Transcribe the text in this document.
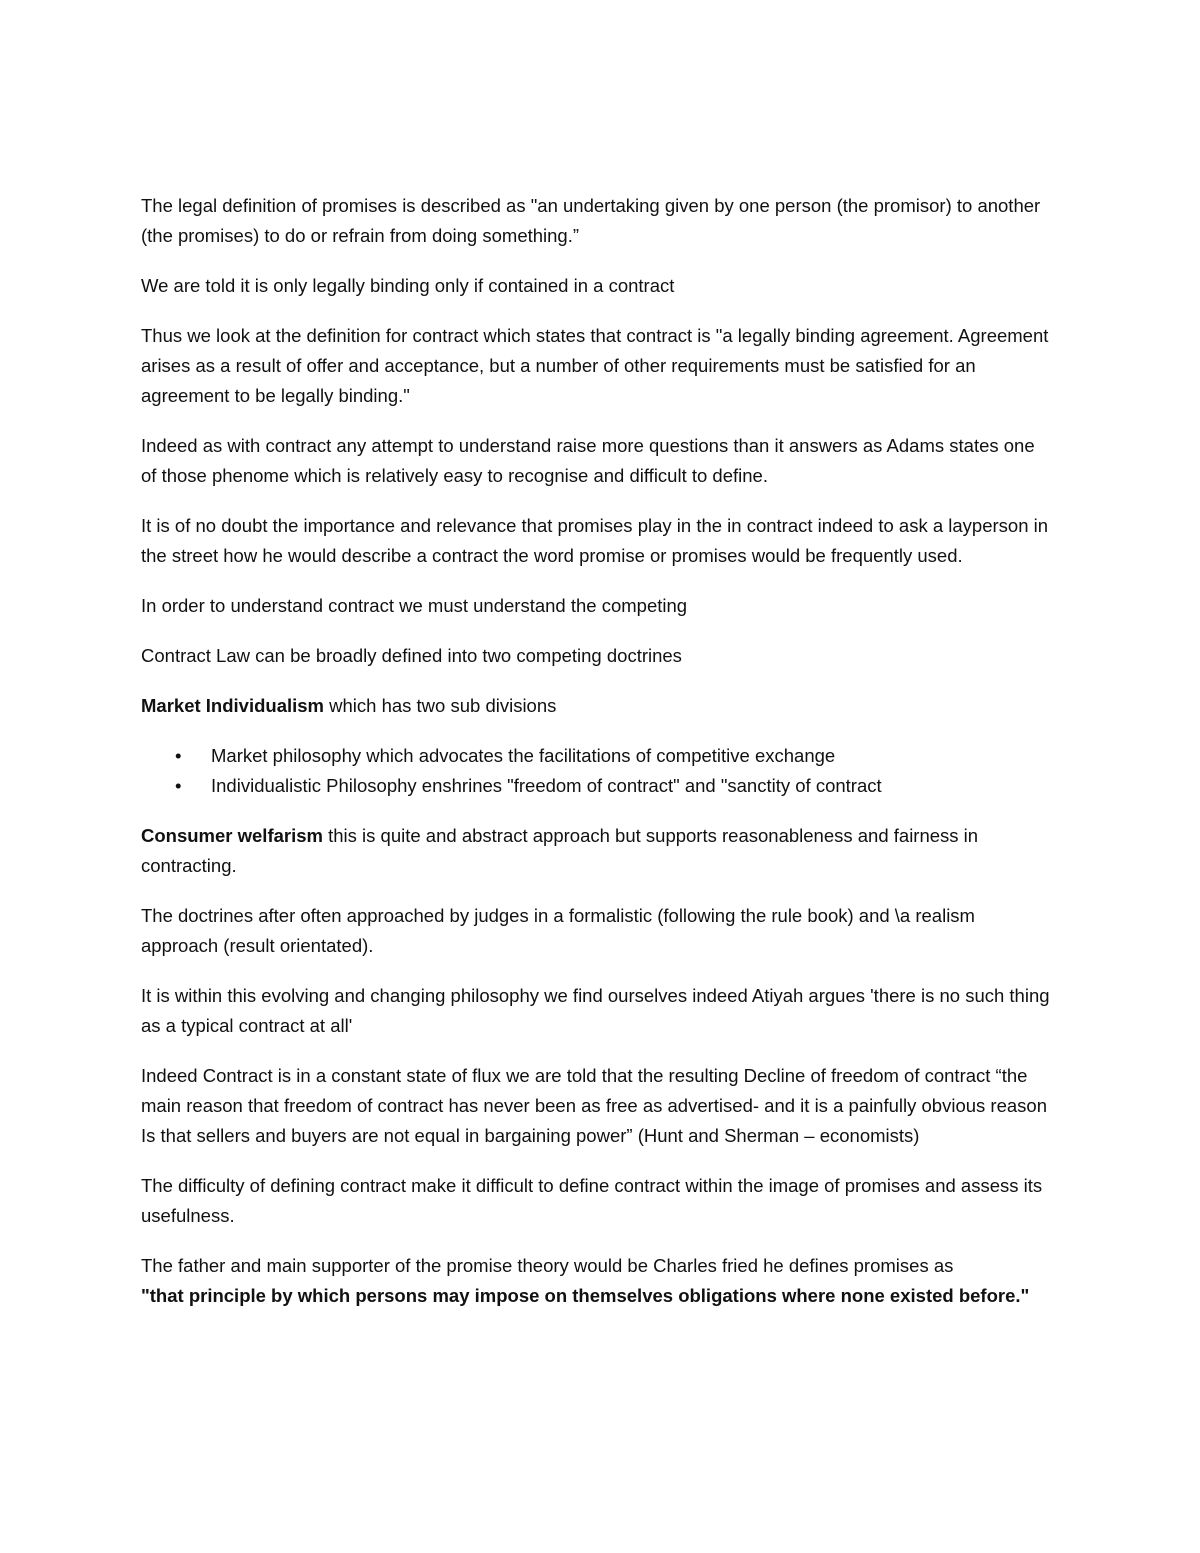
The legal definition of promises is described as "an undertaking given by one person (the promisor) to another (the promises) to do or refrain from doing something.”

We are told it is only legally binding only if contained in a contract

Thus we look at the definition for contract which states that contract is "a legally binding agreement. Agreement arises as a result of offer and acceptance, but a number of other requirements must be satisfied for an agreement to be legally binding."

Indeed as with contract any attempt to understand raise more questions than it answers as Adams states one of those phenome which is relatively easy to recognise and difficult to define.

It is of no doubt the importance and relevance that promises play in the in contract indeed to ask a layperson in the street how he would describe a contract the word promise or promises would be frequently used.

In order to understand contract we must understand the competing

Contract Law can be broadly defined into two competing doctrines

Market Individualism which has two sub divisions

• Market philosophy which advocates the facilitations of competitive exchange
• Individualistic Philosophy enshrines "freedom of contract" and "sanctity of contract

Consumer welfarism this is quite and abstract approach but supports reasonableness and fairness in contracting.

The doctrines after often approached by judges in a formalistic (following the rule book) and \a realism approach (result orientated).

It is within this evolving and changing philosophy we find ourselves indeed Atiyah argues 'there is no such thing as a typical contract at all'

Indeed Contract is in a constant state of flux we are told that the resulting Decline of freedom of contract “the main reason that freedom of contract has never been as free as advertised- and it is a painfully obvious reason Is that sellers and buyers are not equal in bargaining power” (Hunt and Sherman – economists)

The difficulty of defining contract make it difficult to define contract within the image of promises and assess its usefulness.

The father and main supporter of the promise theory would be Charles fried he defines promises as
"that principle by which persons may impose on themselves obligations where none existed before."
